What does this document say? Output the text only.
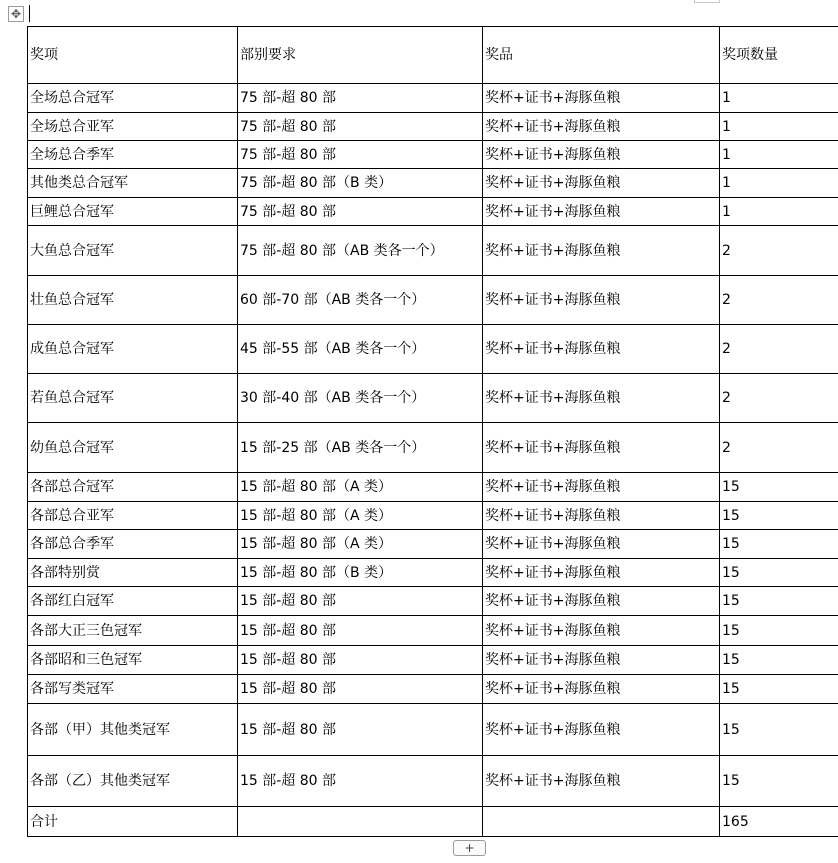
✥
奖项	部别要求	奖品	奖项数量
全场总合冠军	75 部-超 80 部	奖杯+证书+海豚鱼粮	1
全场总合亚军	75 部-超 80 部	奖杯+证书+海豚鱼粮	1
全场总合季军	75 部-超 80 部	奖杯+证书+海豚鱼粮	1
其他类总合冠军	75 部-超 80 部（B 类）	奖杯+证书+海豚鱼粮	1
巨鲤总合冠军	75 部-超 80 部	奖杯+证书+海豚鱼粮	1
大鱼总合冠军	75 部-超 80 部（AB 类各一个）	奖杯+证书+海豚鱼粮	2
壮鱼总合冠军	60 部-70 部（AB 类各一个）	奖杯+证书+海豚鱼粮	2
成鱼总合冠军	45 部-55 部（AB 类各一个）	奖杯+证书+海豚鱼粮	2
若鱼总合冠军	30 部-40 部（AB 类各一个）	奖杯+证书+海豚鱼粮	2
幼鱼总合冠军	15 部-25 部（AB 类各一个）	奖杯+证书+海豚鱼粮	2
各部总合冠军	15 部-超 80 部（A 类）	奖杯+证书+海豚鱼粮	15
各部总合亚军	15 部-超 80 部（A 类）	奖杯+证书+海豚鱼粮	15
各部总合季军	15 部-超 80 部（A 类）	奖杯+证书+海豚鱼粮	15
各部特别赏	15 部-超 80 部（B 类）	奖杯+证书+海豚鱼粮	15
各部红白冠军	15 部-超 80 部	奖杯+证书+海豚鱼粮	15
各部大正三色冠军	15 部-超 80 部	奖杯+证书+海豚鱼粮	15
各部昭和三色冠军	15 部-超 80 部	奖杯+证书+海豚鱼粮	15
各部写类冠军	15 部-超 80 部	奖杯+证书+海豚鱼粮	15
各部（甲）其他类冠军	15 部-超 80 部	奖杯+证书+海豚鱼粮	15
各部（乙）其他类冠军	15 部-超 80 部	奖杯+证书+海豚鱼粮	15
合计			165
+
